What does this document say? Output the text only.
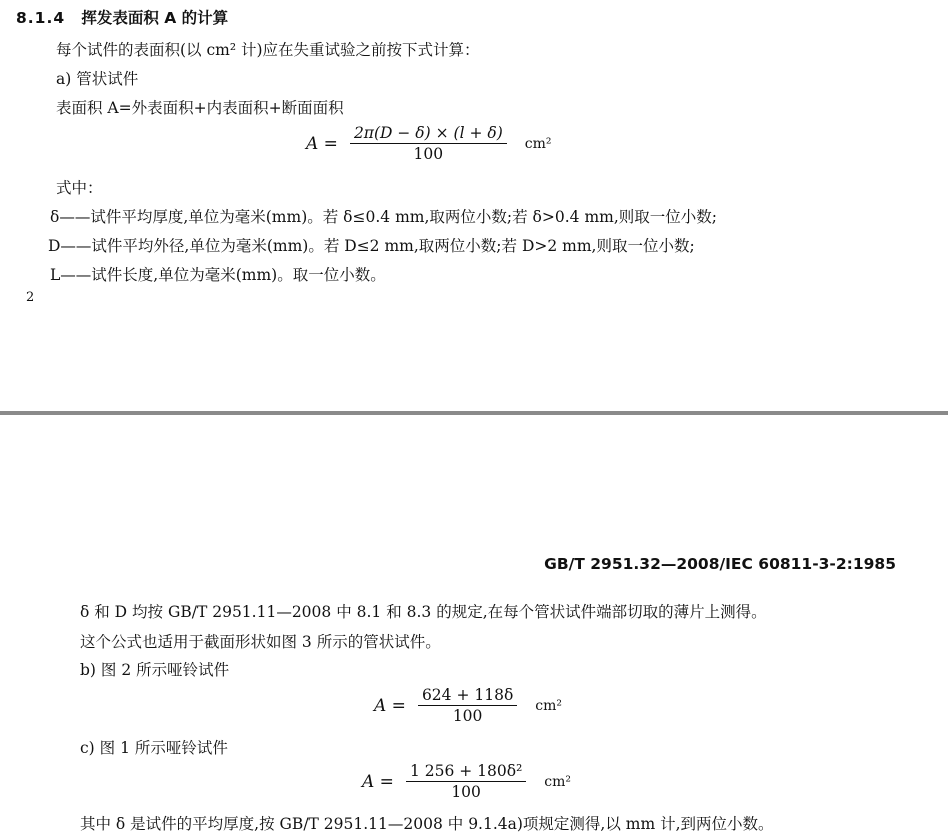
8.1.4 挥发表面积 A 的计算
每个试件的表面积(以 cm² 计)应在失重试验之前按下式计算：
a) 管状试件
表面积 A=外表面积+内表面积+断面面积
$A = \frac{2\pi(D - \delta) \times (l + \delta)}{100} cm^2$
式中：
δ——试件平均厚度,单位为毫米(mm)。若 δ≤0.4 mm,取两位小数;若 δ>0.4 mm,则取一位小数;
D——试件平均外径,单位为毫米(mm)。若 D≤2 mm,取两位小数;若 D>2 mm,则取一位小数;
L——试件长度,单位为毫米(mm)。取一位小数。
2
GB/T 2951.32—2008/IEC 60811-3-2:1985
δ 和 D 均按 GB/T 2951.11—2008 中 8.1 和 8.3 的规定,在每个管状试件端部切取的薄片上测得。
这个公式也适用于截面形状如图 3 所示的管状试件。
b) 图 2 所示哑铃试件
$A = \frac{624 + 118\delta}{100} cm^2$
c) 图 1 所示哑铃试件
$A = \frac{\text{1 256 + 180δ²}}{100} cm^2$
其中 δ 是试件的平均厚度,按 GB/T 2951.11—2008 中 9.1.4a)项规定测得,以 mm 计,到两位小数。
